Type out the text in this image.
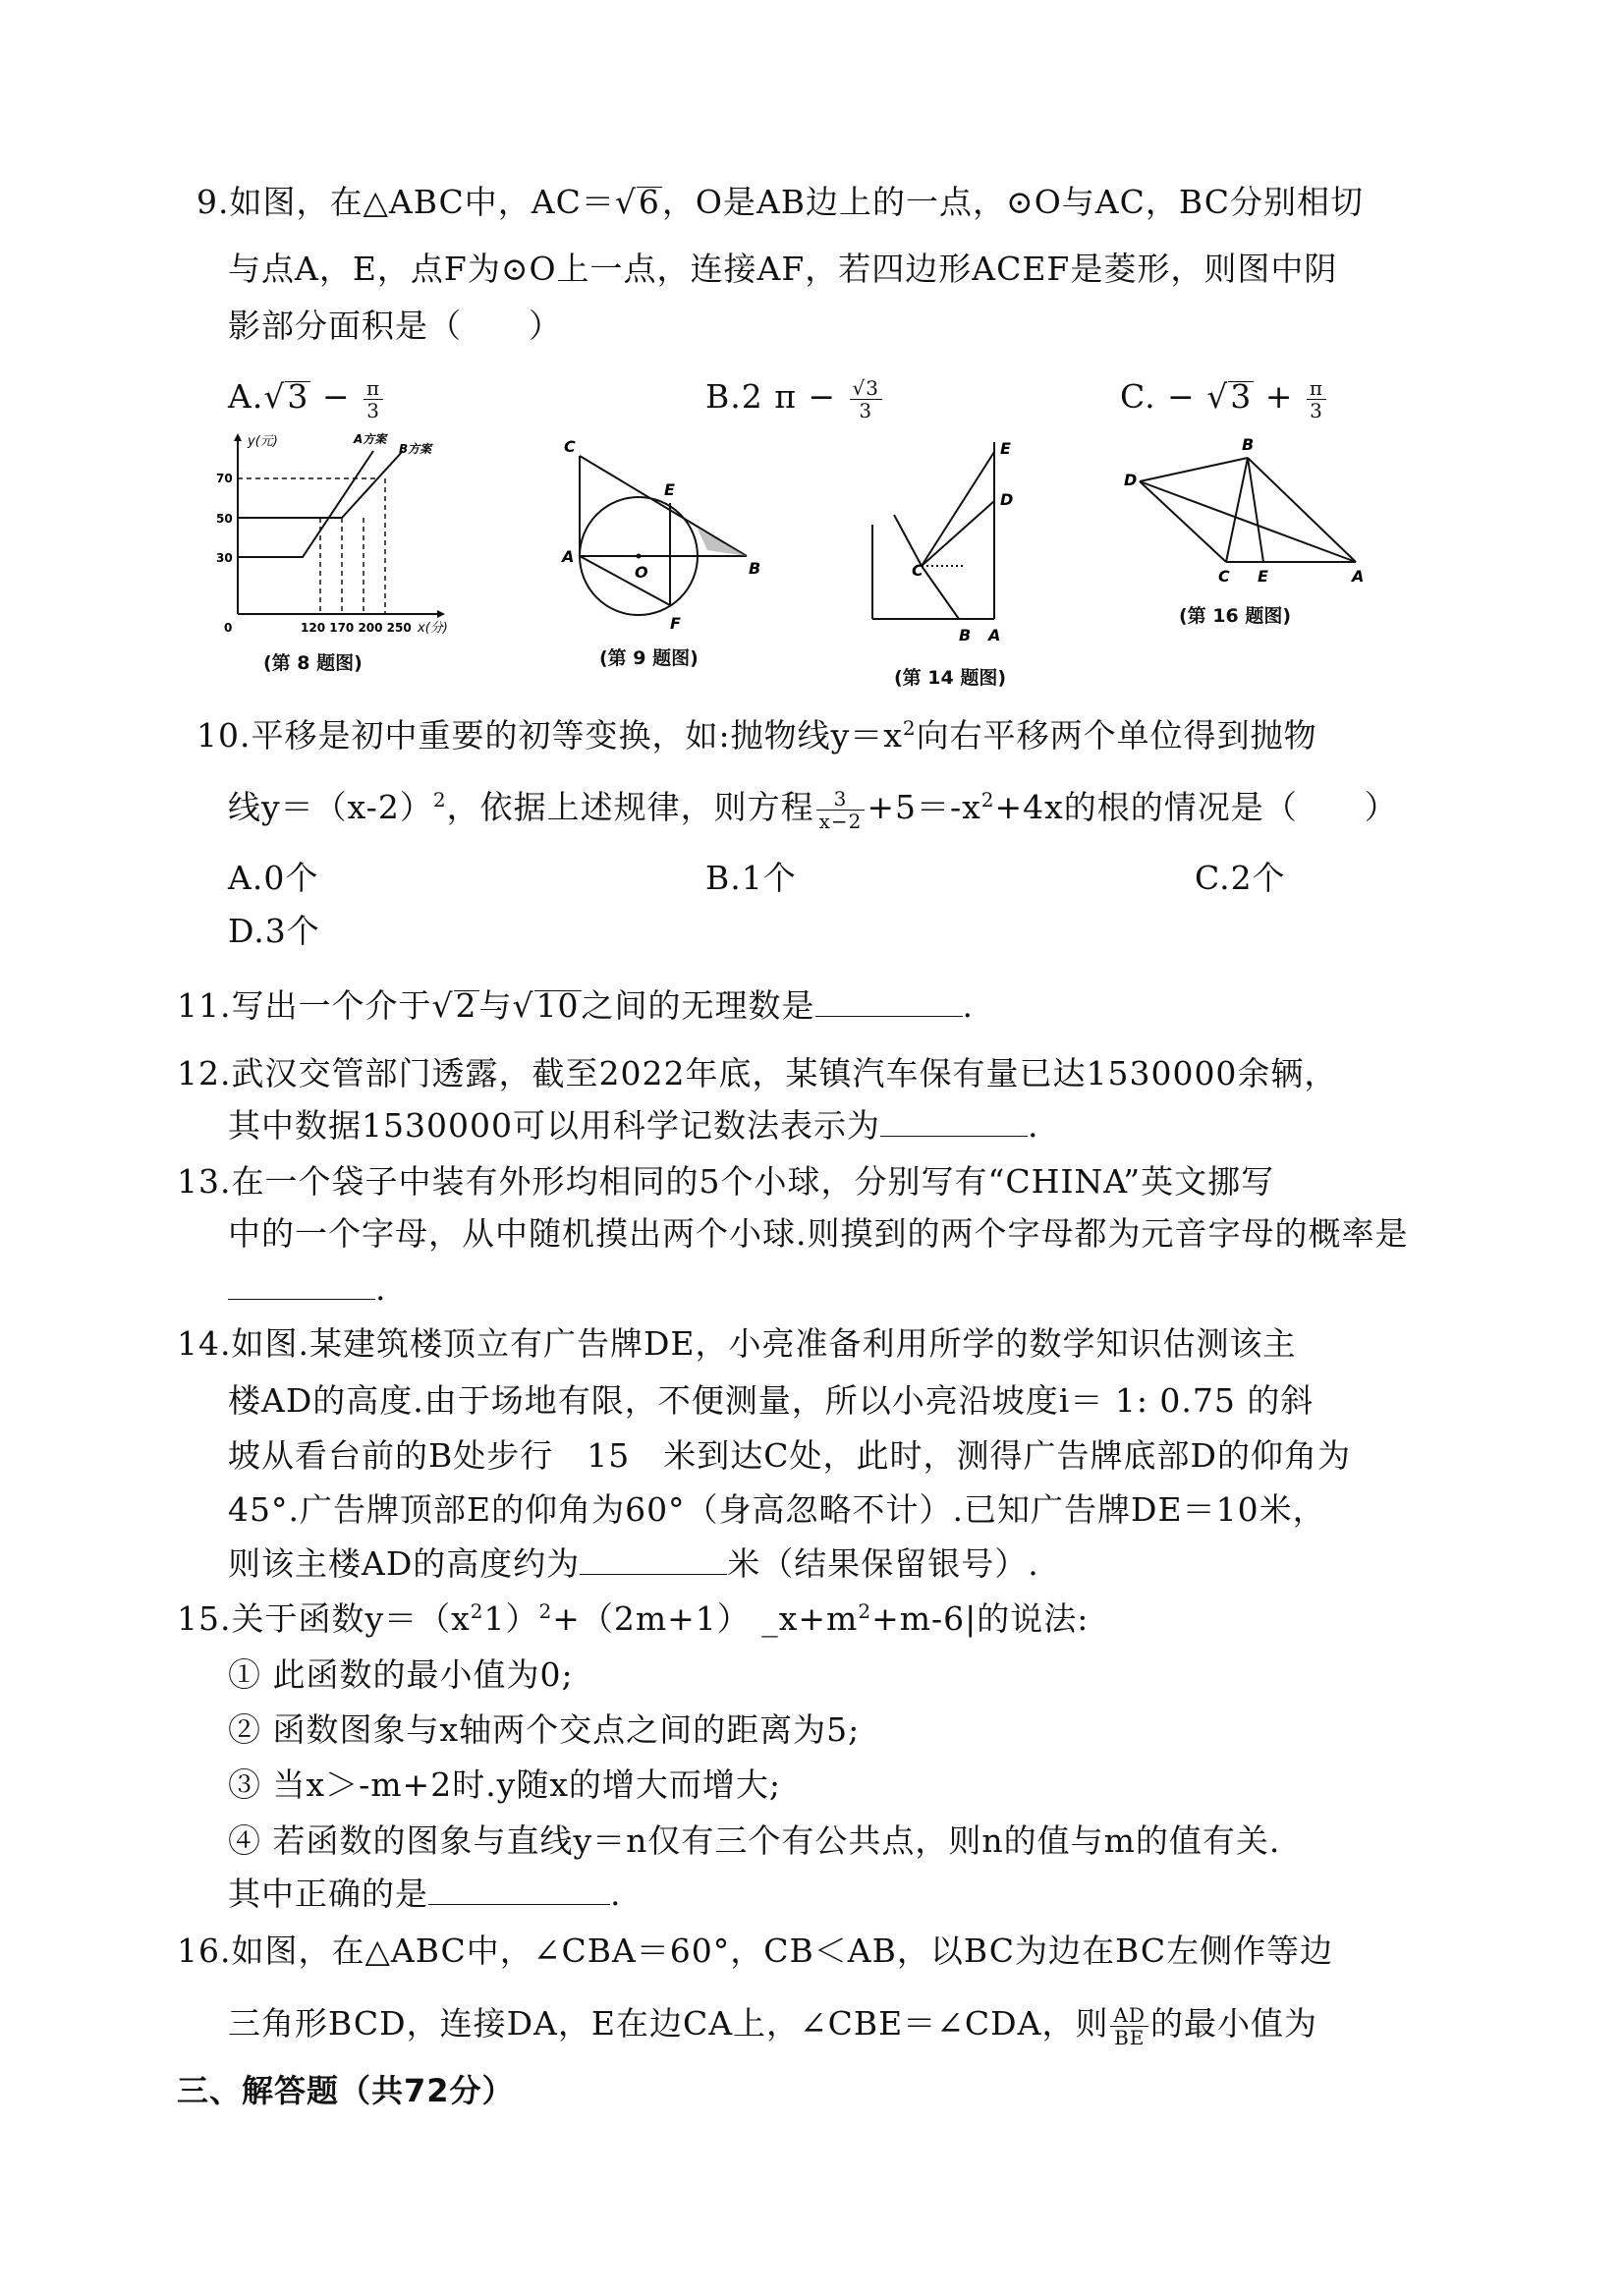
9.如图，在△ABC中，AC＝√6，O是AB边上的一点，⊙O与AC，BC分别相切
与点A，E，点F为⊙O上一点，连接AF，若四边形ACEF是菱形，则图中阴
影部分面积是（　　）
$A.√3 - \frac{\pi}{3}$	B.2 $\pi - \frac{√3}{3}$	C. − $√3 + \frac{\pi}{3}$
y(元)
x(分)
A方案
B方案
70
50
30
0	120 170 200 250
(第 8 题图)
C
E
A
O	B
F
(第 9 题图)
E
D
C
B A
(第 14 题图)
B
D
C E	A
(第 16 题图)
10.平移是初中重要的初等变换，如:抛物线$y=x^2$向右平移两个单位得到抛物
线$y=(x-2)^2$，依据上述规律，则方程 $\frac{3}{x-2} +5=-x^2+4x$的根的情况是（　　）
A.0个	B.1个	C.2个
D.3个
11.写出一个介于√2与√10之间的无理数是	.
12.武汉交管部门透露，截至2022年底，某镇汽车保有量已达1530000余辆，
其中数据1530000可以用科学记数法表示为	.
13.在一个袋子中装有外形均相同的5个小球，分别写有“CHINA”英文挪写
中的一个字母，从中随机摸出两个小球.则摸到的两个字母都为元音字母的概率是
.
14.如图.某建筑楼顶立有广告牌DE，小亮准备利用所学的数学知识估测该主
楼AD的高度.由于场地有限，不便测量，所以小亮沿坡度i＝ 1: 0.75 的斜
坡从看台前的B处步行　15　米到达C处，此时，测得广告牌底部D的仰角为
45°.广告牌顶部E的仰角为60°（身高忽略不计）.已知广告牌DE＝10米，
则该主楼AD的高度约为	米（结果保留银号）.
15.关于函数$y=(x^21)^2+(2m+1)$ $\_x+m^2+m-6|$的说法:
① 此函数的最小值为0;
② 函数图象与x轴两个交点之间的距离为5;
③ 当x＞-m+2时.y随x的增大而增大;
④ 若函数的图象与直线y＝n仅有三个有公共点，则n的值与m的值有关.
其中正确的是	.
16.如图，在△ABC中，∠CBA＝60°，CB＜AB，以BC为边在BC左侧作等边
三角形BCD，连接DA，E在边CA上，∠CBE＝∠CDA，则 $\frac{AD}{BE}$ 的最小值为
三、解答题（共72分）
